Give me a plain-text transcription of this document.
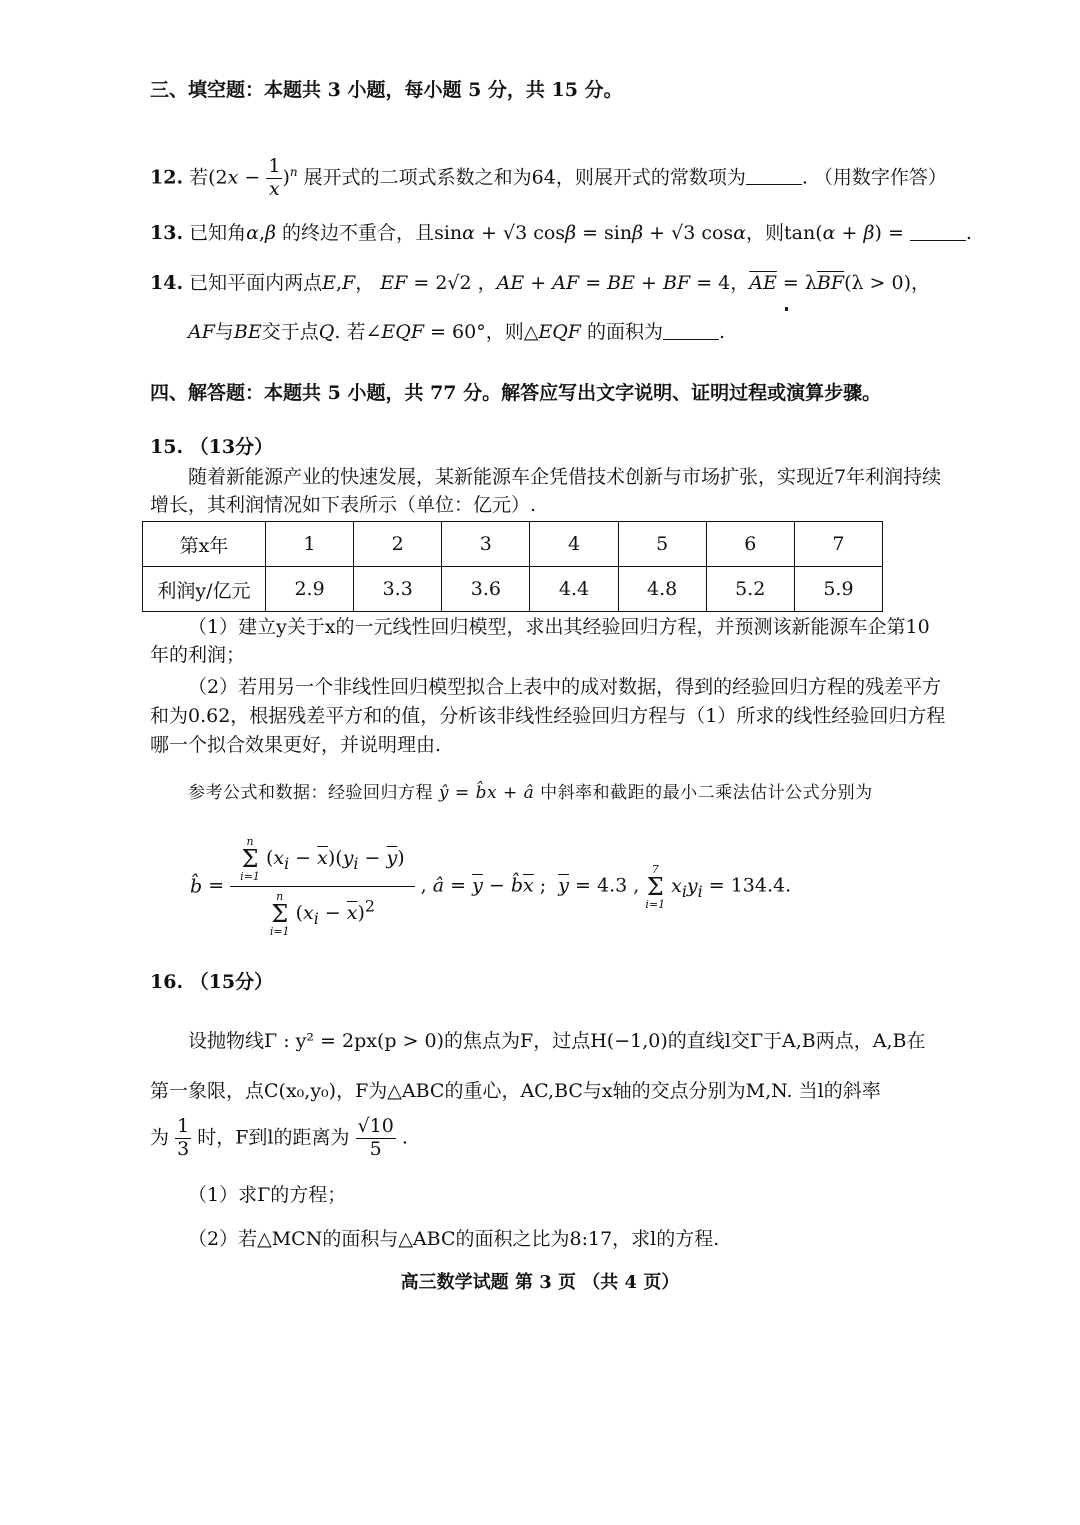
三、填空题：本题共 3 小题，每小题 5 分，共 15 分。
12. 若$(2x - \frac{1}{x} )^n$ 展开式的二项式系数之和为64，则展开式的常数项为	. （用数字作答）
13. 已知角α,β 的终边不重合，且sinα + √3 cosβ = sinβ + √3 cosα，则tan(α + β) =	.
14. 已知平面内两点E,F， EF = 2√2 ，AE + AF = BE + BF = 4，$\overline{AE} = \lambda\overline{BF}(\lambda > 0)$，
AF与BE交于点Q. 若∠EQF = 60°，则△EQF 的面积为	.
四、解答题：本题共 5 小题，共 77 分。解答应写出文字说明、证明过程或演算步骤。
15. （13分）
随着新能源产业的快速发展，某新能源车企凭借技术创新与市场扩张，实现近7年利润持续
增长，其利润情况如下表所示（单位：亿元）.
第x年	1	2	3	4	5	6	7
利润y/亿元	2.9	3.3	3.6	4.4	4.8	5.2	5.9
（1）建立y关于x的一元线性回归模型，求出其经验回归方程，并预测该新能源车企第10
年的利润；
（2）若用另一个非线性回归模型拟合上表中的成对数据，得到的经验回归方程的残差平方
和为0.62，根据残差平方和的值，分析该非线性经验回归方程与（1）所求的线性经验回归方程
哪一个拟合效果更好，并说明理由.
参考公式和数据：经验回归方程 ŷ = b̂x + â 中斜率和截距的最小二乘法估计公式分别为
b̂ = n
Σ
i=1
$(x_i - \overline{x})(y_i - \overline{y})$
n
Σ
i=1
$(x_i - \overline{x})^2$ , â = $\overline{y}$ − $b̂\overline{x}$ ;  $\overline{y} = 4.3$ ,
7
Σ
i=1
$x_iy_i = 134.4$.
16. （15分）
设抛物线Γ : y² = 2px(p > 0)的焦点为F，过点H(−1,0)的直线l交Γ于A,B两点，A,B在
第一象限，点C(x₀,y₀)，F为△ABC的重心，AC,BC与x轴的交点分别为M,N. 当l的斜率
为 $\frac{1}{3}$ 时，F到l的距离为 $\frac{√10}{5}$ .
（1）求Γ的方程；
（2）若△MCN的面积与△ABC的面积之比为8:17，求l的方程.
高三数学试题 第 3 页 （共 4 页）
